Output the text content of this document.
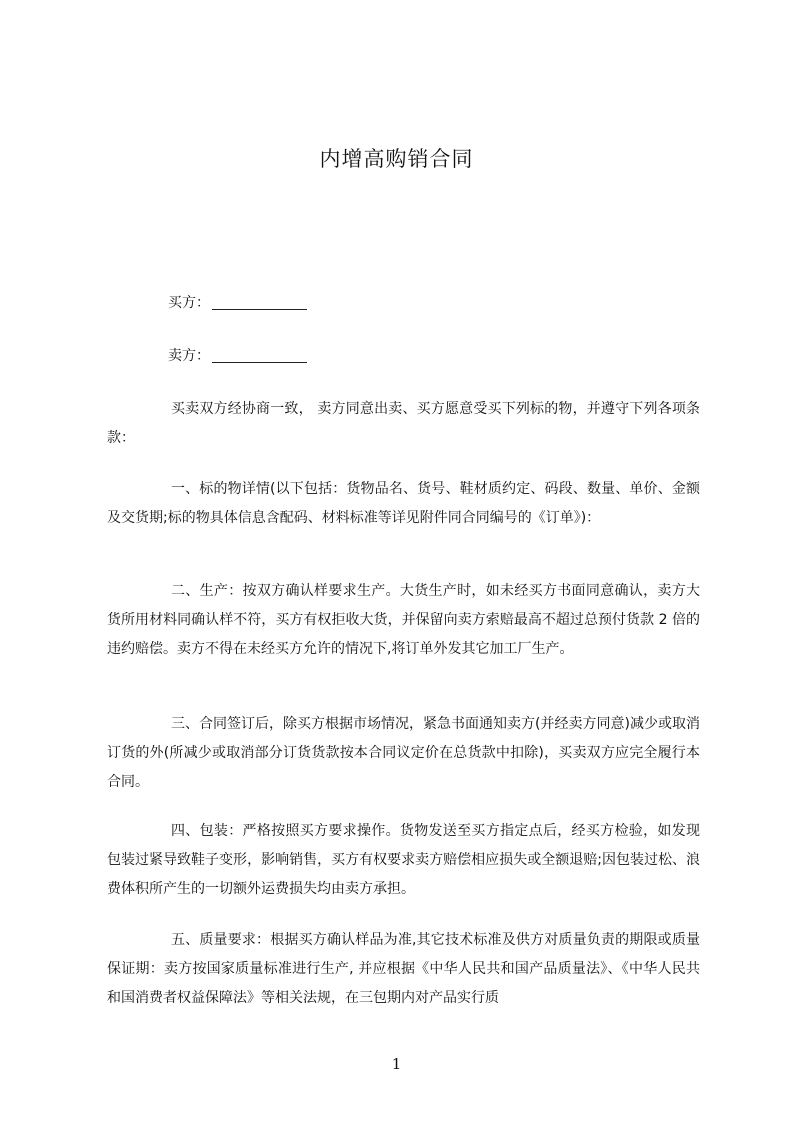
内增高购销合同
买方：
卖方：
买卖双方经协商一致， 卖方同意出卖、买方愿意受买下列标的物，并遵守下列各项条款：
一、标的物详情(以下包括：货物品名、货号、鞋材质约定、码段、数量、单价、金额及交货期;标的物具体信息含配码、材料标准等详见附件同合同编号的《订单》)：
二、生产：按双方确认样要求生产。大货生产时，如未经买方书面同意确认，卖方大货所用材料同确认样不符，买方有权拒收大货，并保留向卖方索赔最高不超过总预付货款 2 倍的违约赔偿。卖方不得在未经买方允许的情况下,将订单外发其它加工厂生产。
三、合同签订后，除买方根据市场情况，紧急书面通知卖方(并经卖方同意)减少或取消订货的外(所减少或取消部分订货货款按本合同议定价在总货款中扣除)，买卖双方应完全履行本合同。
四、包装：严格按照买方要求操作。货物发送至买方指定点后，经买方检验，如发现包装过紧导致鞋子变形，影响销售，买方有权要求卖方赔偿相应损失或全额退赔;因包装过松、浪费体积所产生的一切额外运费损失均由卖方承担。
五、质量要求：根据买方确认样品为准,其它技术标准及供方对质量负责的期限或质量保证期：卖方按国家质量标准进行生产, 并应根据《中华人民共和国产品质量法》、《中华人民共和国消费者权益保障法》等相关法规，在三包期内对产品实行质
1
